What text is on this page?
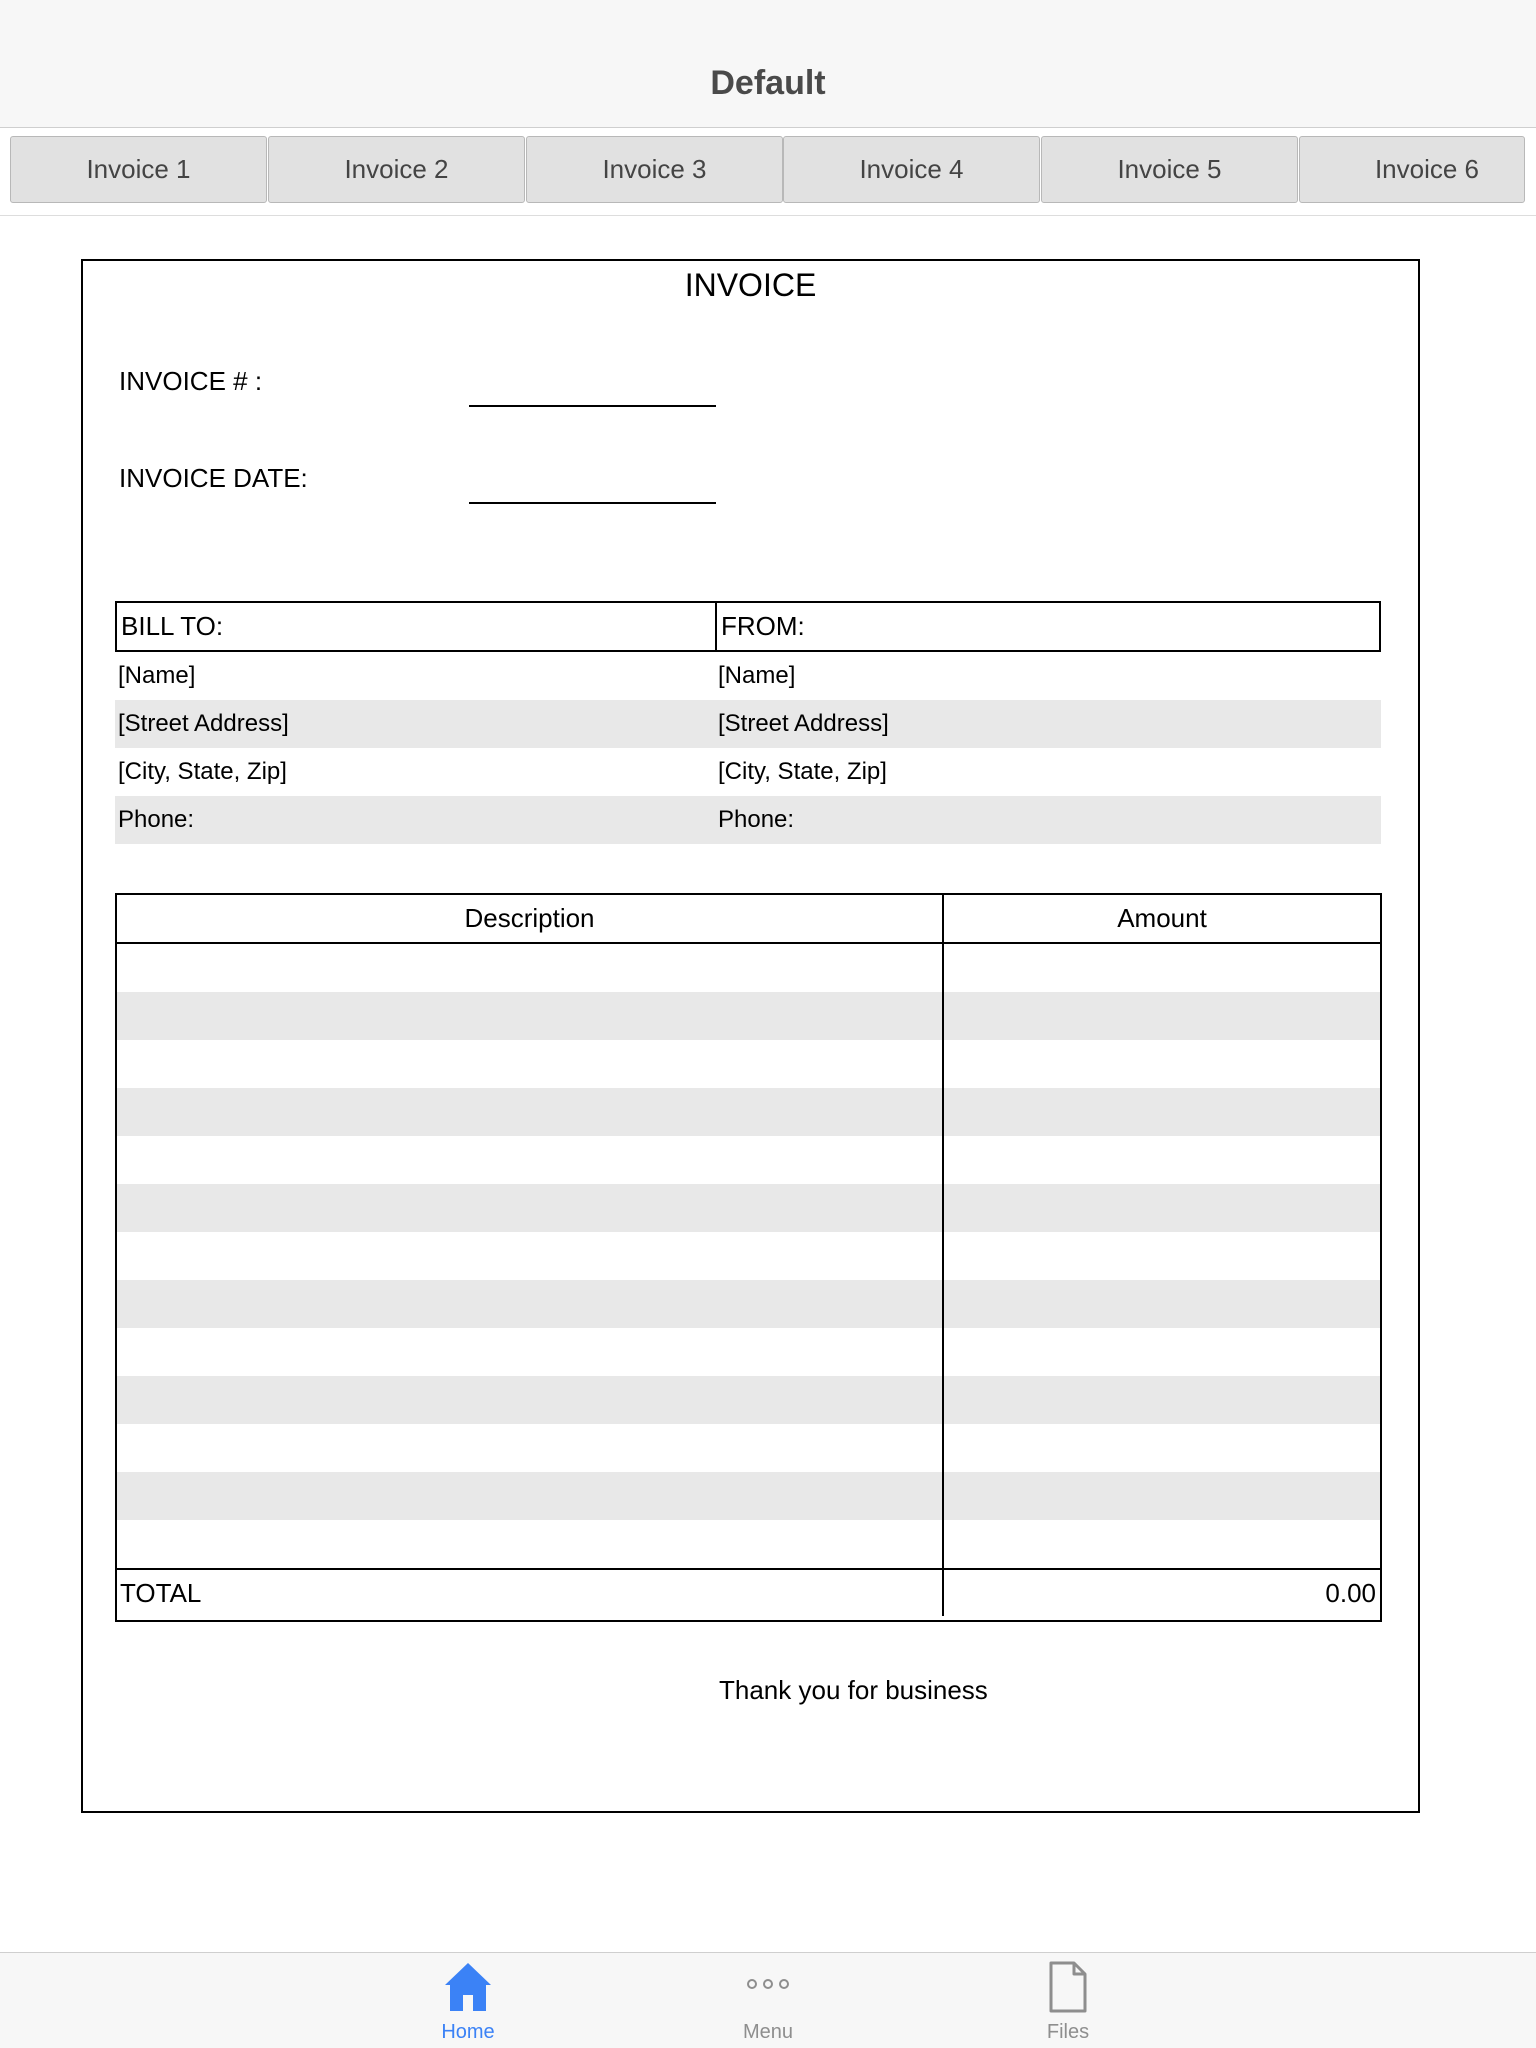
Default
Invoice 1	Invoice 2	Invoice 3	Invoice 4	Invoice 5	Invoice 6
INVOICE
INVOICE # :
INVOICE DATE:
BILL TO:	FROM:
[Name]	[Name]
[Street Address]	[Street Address]
[City, State, Zip]	[City, State, Zip]
Phone:	Phone:
Description	Amount
TOTAL	0.00
Thank you for business
Home	Menu	Files
